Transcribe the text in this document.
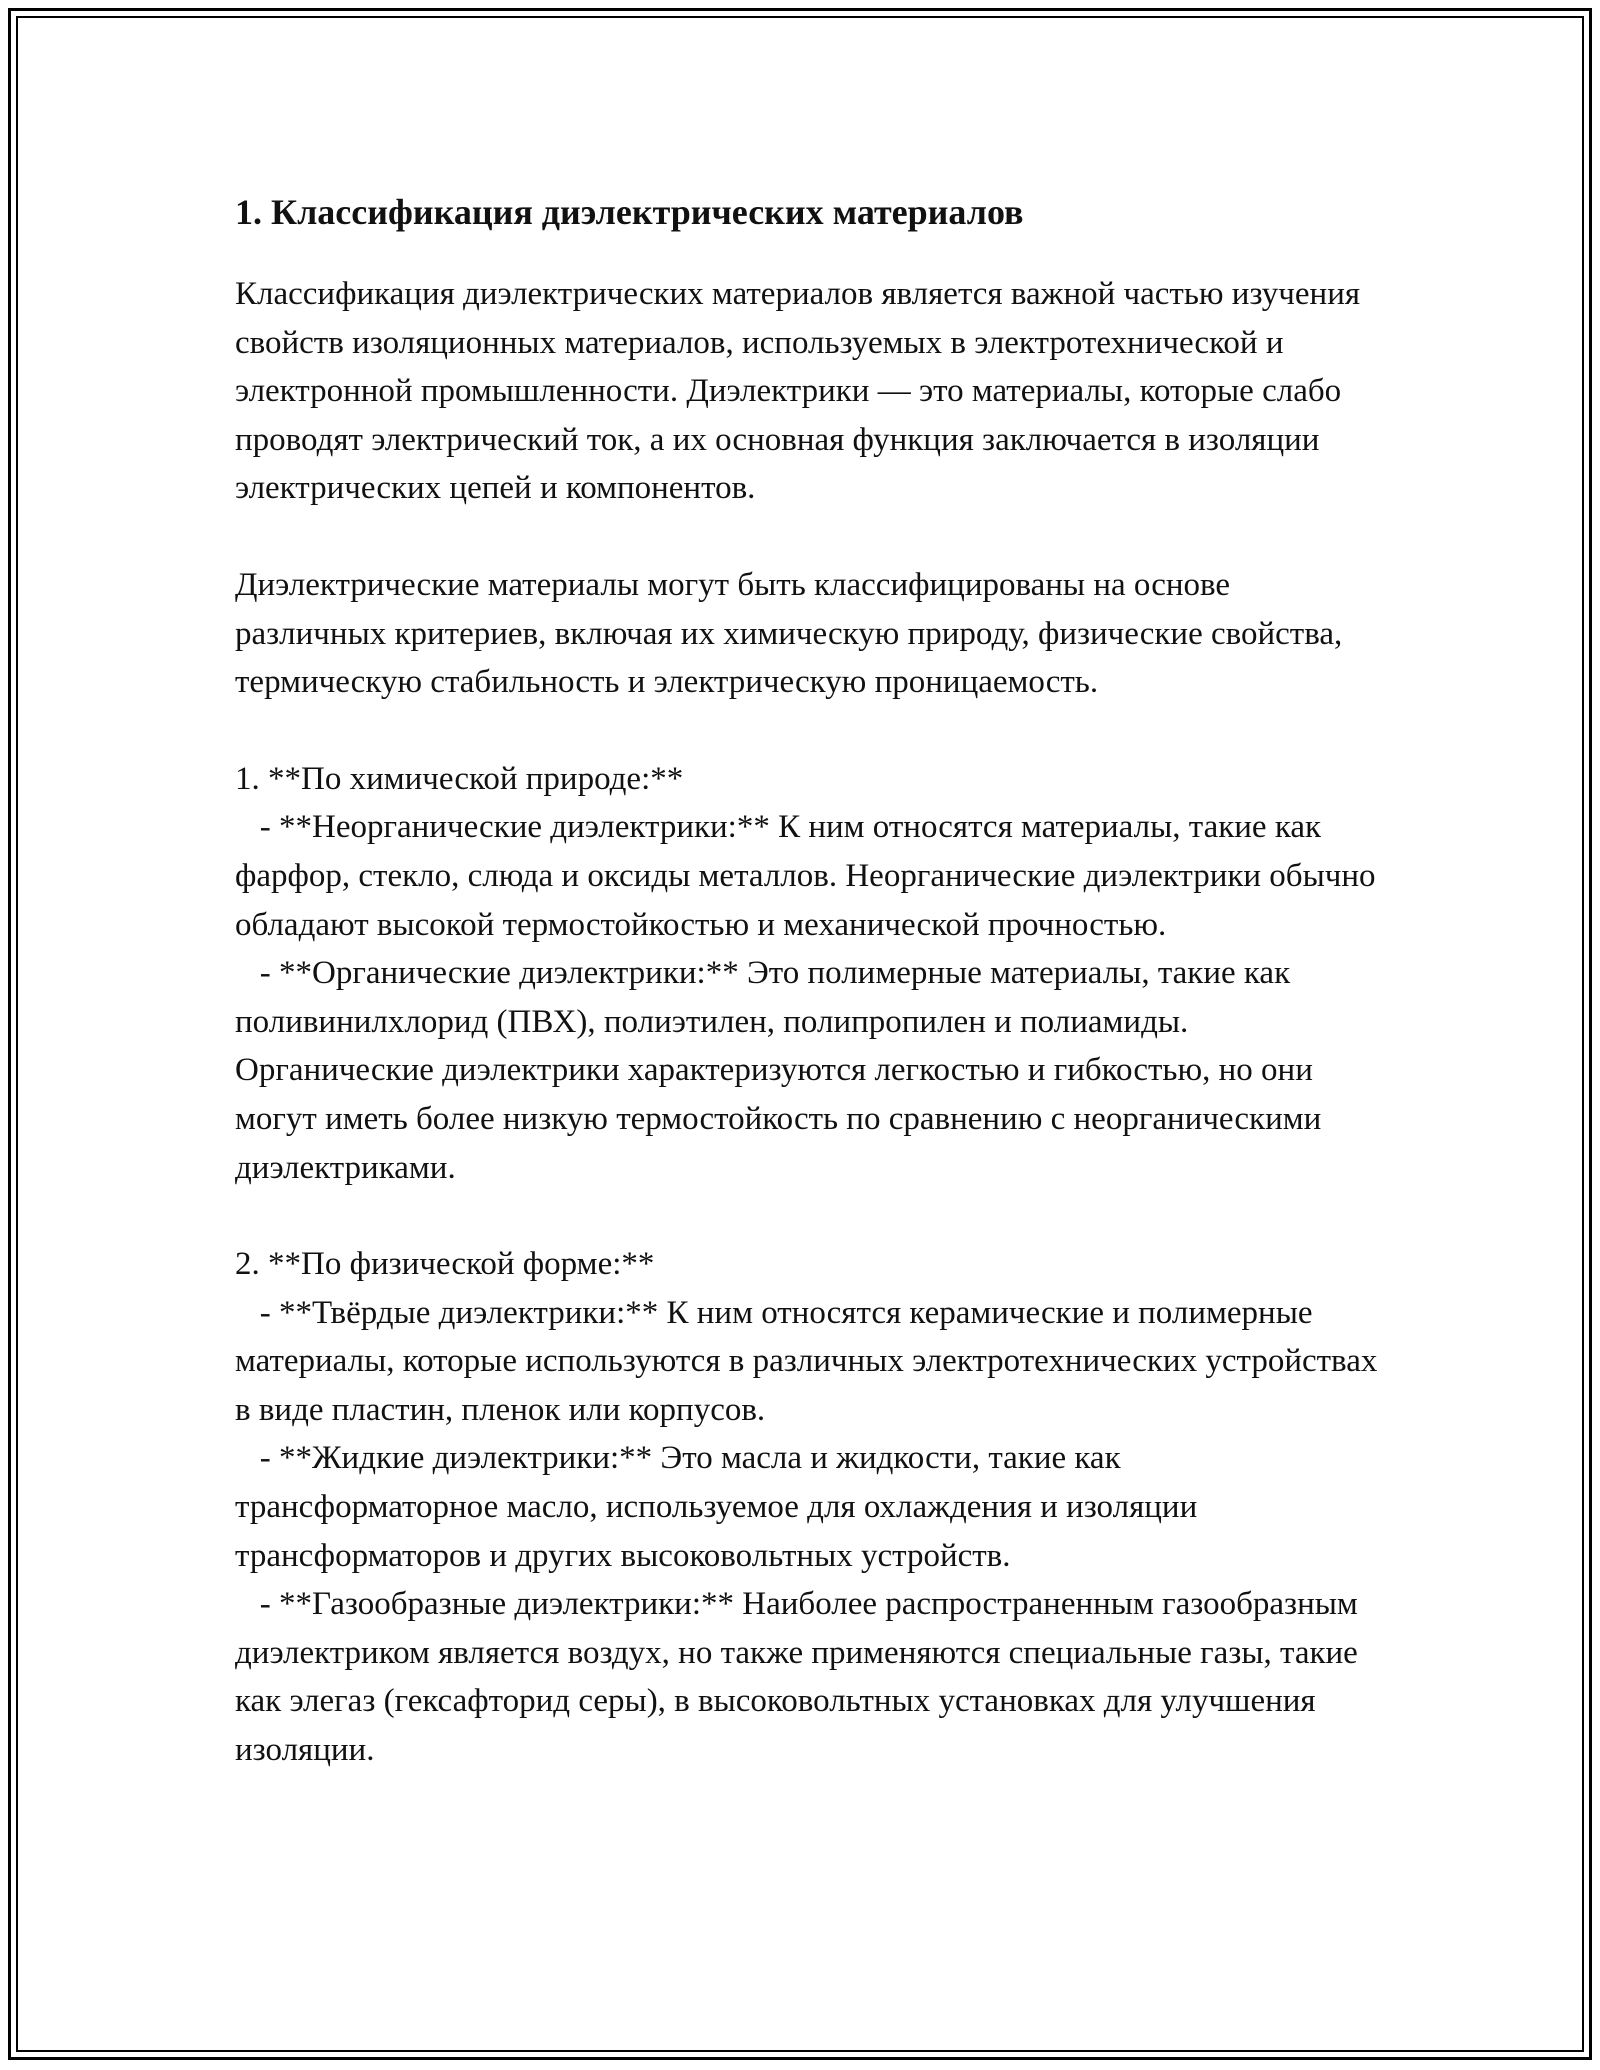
1. Классификация диэлектрических материалов

Классификация диэлектрических материалов является важной частью изучения свойств изоляционных материалов, используемых в электротехнической и электронной промышленности. Диэлектрики — это материалы, которые слабо проводят электрический ток, а их основная функция заключается в изоляции электрических цепей и компонентов.

Диэлектрические материалы могут быть классифицированы на основе различных критериев, включая их химическую природу, физические свойства, термическую стабильность и электрическую проницаемость.

1. **По химической природе:**
- **Неорганические диэлектрики:** К ним относятся материалы, такие как фарфор, стекло, слюда и оксиды металлов. Неорганические диэлектрики обычно обладают высокой термостойкостью и механической прочностью.
- **Органические диэлектрики:** Это полимерные материалы, такие как поливинилхлорид (ПВХ), полиэтилен, полипропилен и полиамиды. Органические диэлектрики характеризуются легкостью и гибкостью, но они могут иметь более низкую термостойкость по сравнению с неорганическими диэлектриками.
2. **По физической форме:**
- **Твёрдые диэлектрики:** К ним относятся керамические и полимерные материалы, которые используются в различных электротехнических устройствах в виде пластин, пленок или корпусов.
- **Жидкие диэлектрики:** Это масла и жидкости, такие как трансформаторное масло, используемое для охлаждения и изоляции трансформаторов и других высоковольтных устройств.
- **Газообразные диэлектрики:** Наиболее распространенным газообразным диэлектриком является воздух, но также применяются специальные газы, такие как элегаз (гексафторид серы), в высоковольтных установках для улучшения изоляции.
